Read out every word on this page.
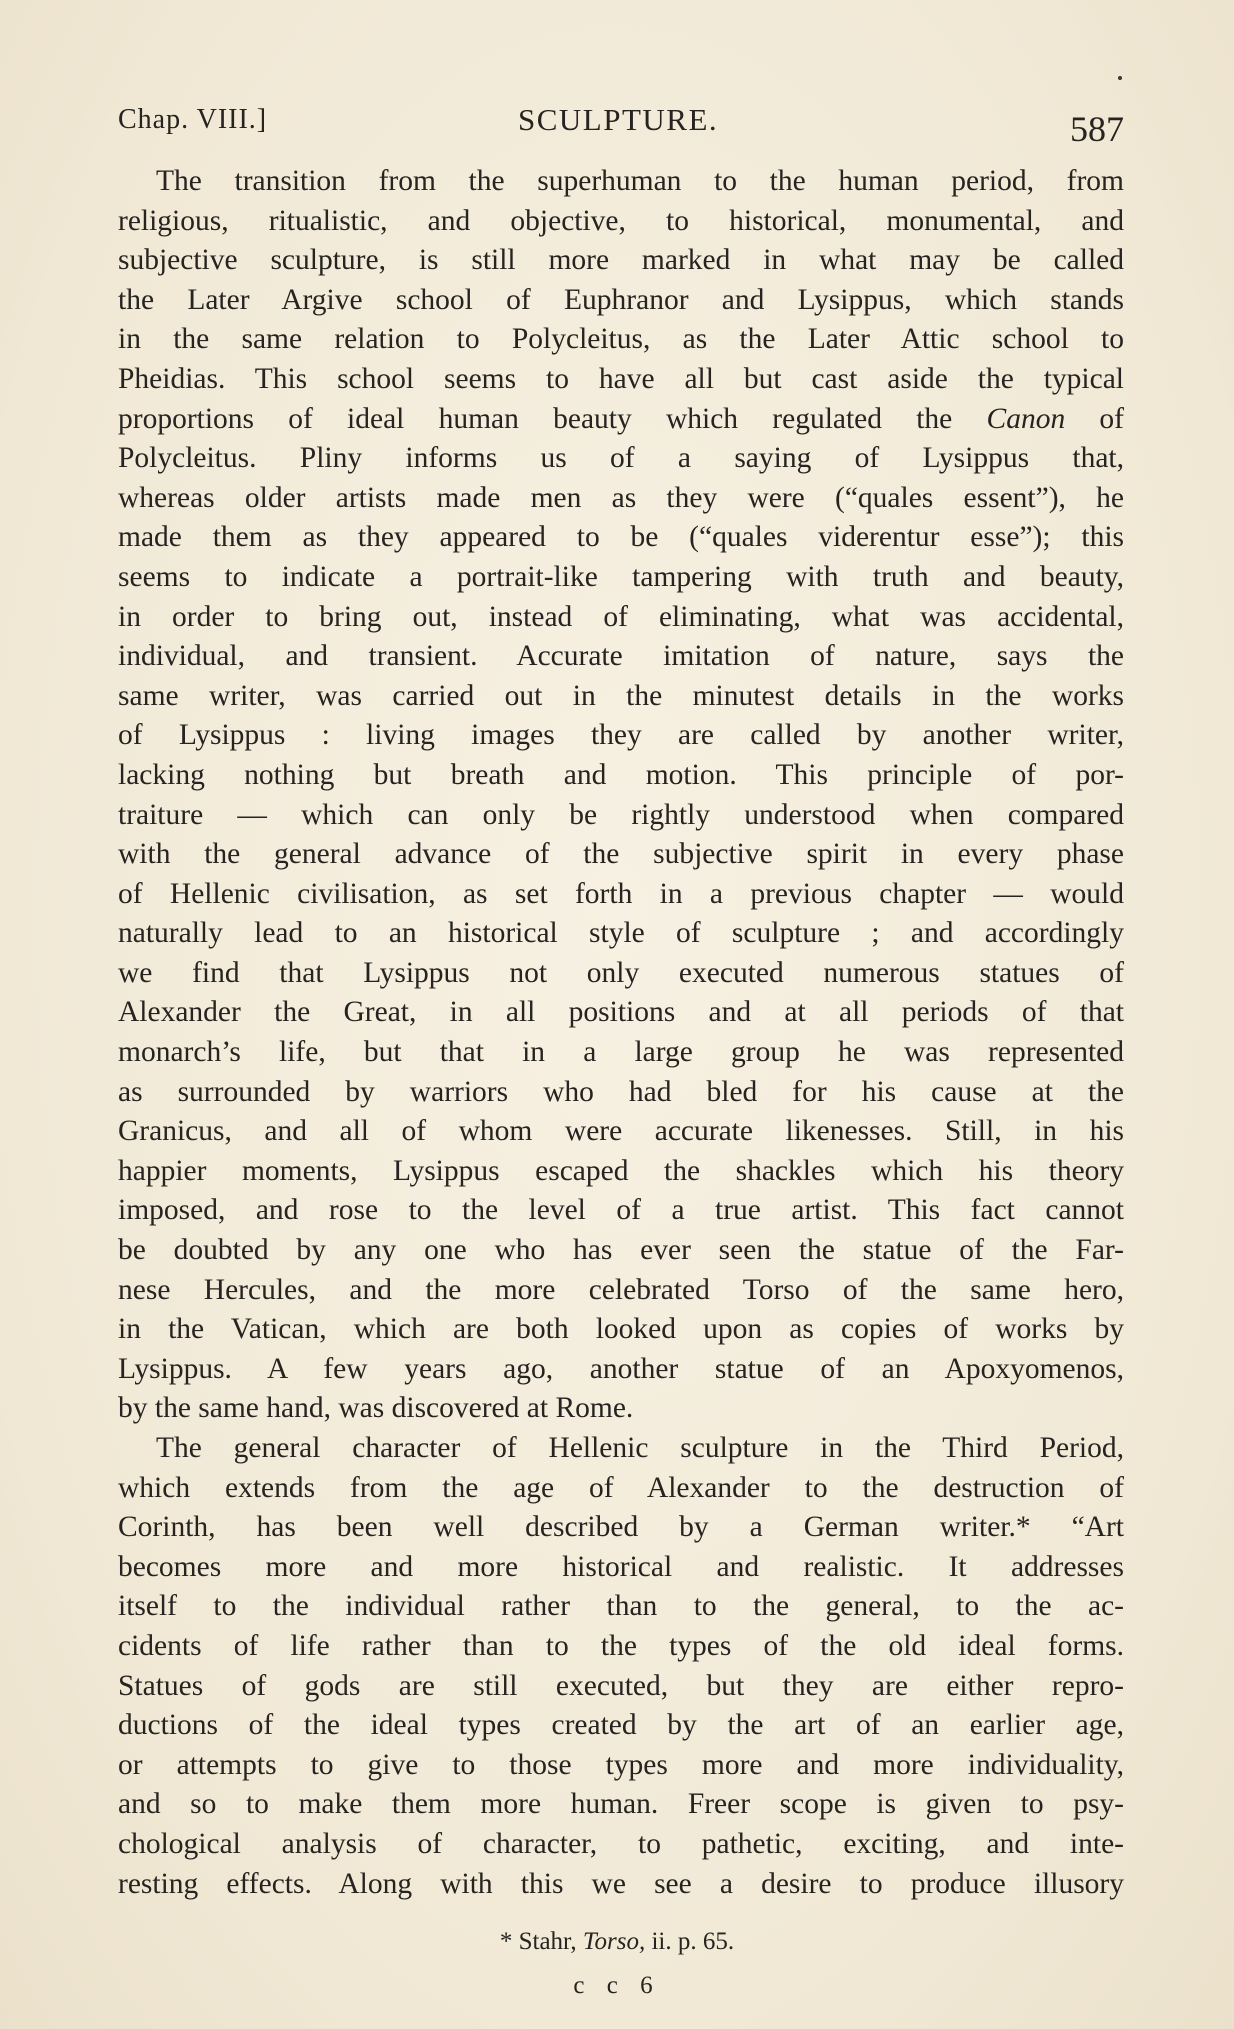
Chap. VIII.]	SCULPTURE.	587
The transition from the superhuman to the human period, from
religious, ritualistic, and objective, to historical, monumental, and
subjective sculpture, is still more marked in what may be called
the Later Argive school of Euphranor and Lysippus, which stands
in the same relation to Polycleitus, as the Later Attic school to
Pheidias. This school seems to have all but cast aside the typical
proportions of ideal human beauty which regulated the Canon of
Polycleitus. Pliny informs us of a saying of Lysippus that,
whereas older artists made men as they were (“quales essent”), he
made them as they appeared to be (“quales viderentur esse”); this
seems to indicate a portrait-like tampering with truth and beauty,
in order to bring out, instead of eliminating, what was accidental,
individual, and transient. Accurate imitation of nature, says the
same writer, was carried out in the minutest details in the works
of Lysippus : living images they are called by another writer,
lacking nothing but breath and motion. This principle of por-
traiture — which can only be rightly understood when compared
with the general advance of the subjective spirit in every phase
of Hellenic civilisation, as set forth in a previous chapter — would
naturally lead to an historical style of sculpture ; and accordingly
we find that Lysippus not only executed numerous statues of
Alexander the Great, in all positions and at all periods of that
monarch’s life, but that in a large group he was represented
as surrounded by warriors who had bled for his cause at the
Granicus, and all of whom were accurate likenesses. Still, in his
happier moments, Lysippus escaped the shackles which his theory
imposed, and rose to the level of a true artist. This fact cannot
be doubted by any one who has ever seen the statue of the Far-
nese Hercules, and the more celebrated Torso of the same hero,
in the Vatican, which are both looked upon as copies of works by
Lysippus. A few years ago, another statue of an Apoxyomenos,
by the same hand, was discovered at Rome.
The general character of Hellenic sculpture in the Third Period,
which extends from the age of Alexander to the destruction of
Corinth, has been well described by a German writer.* “Art
becomes more and more historical and realistic. It addresses
itself to the individual rather than to the general, to the ac-
cidents of life rather than to the types of the old ideal forms.
Statues of gods are still executed, but they are either repro-
ductions of the ideal types created by the art of an earlier age,
or attempts to give to those types more and more individuality,
and so to make them more human. Freer scope is given to psy-
chological analysis of character, to pathetic, exciting, and inte-
resting effects. Along with this we see a desire to produce illusory
* Stahr, Torso, ii. p. 65.
c c 6
